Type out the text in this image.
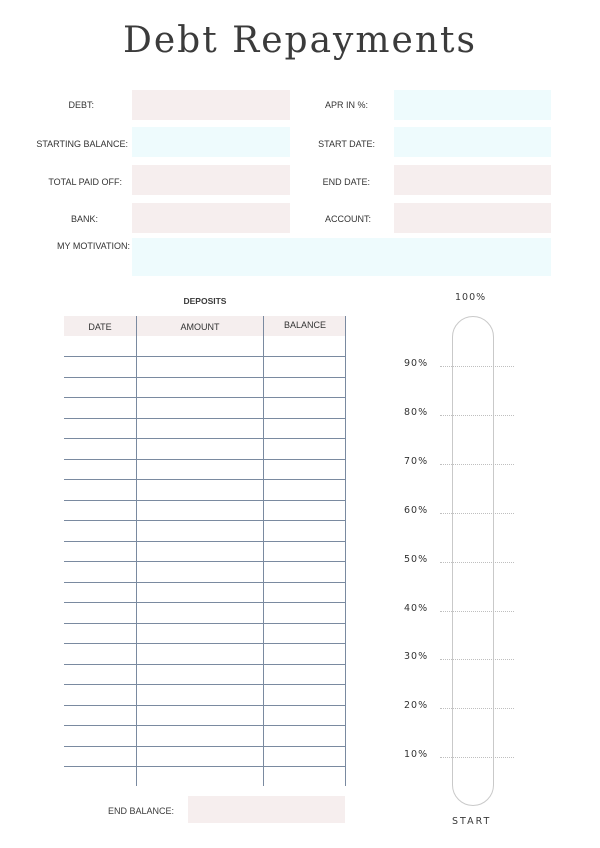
Debt Repayments
DEBT:	APR IN %:
STARTING BALANCE:	START DATE:
TOTAL PAID OFF:	END DATE:
BANK:	ACCOUNT:
MY MOTIVATION:
DEPOSITS
DATE	AMOUNT	BALANCE
END BALANCE:
100%
90%
80%
70%
60%
50%
40%
30%
20%
10%
START
